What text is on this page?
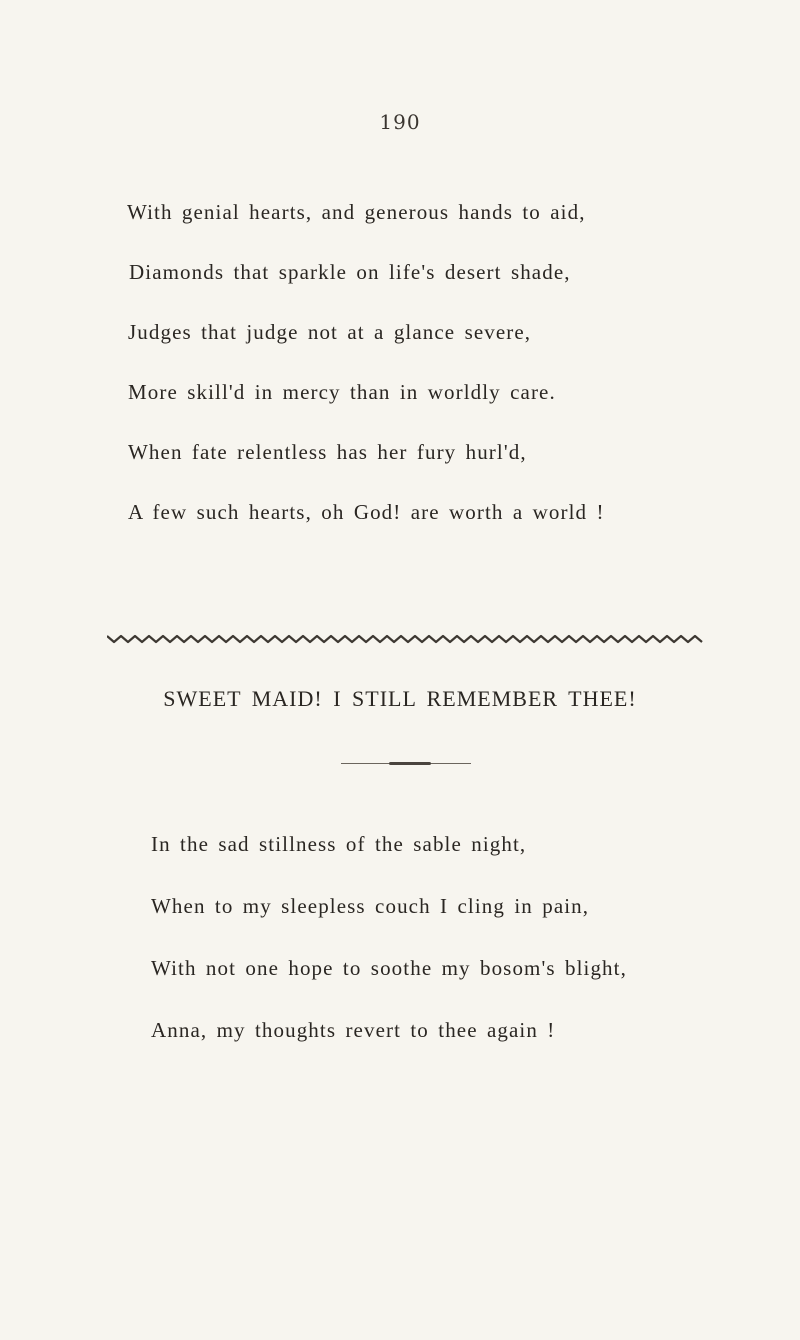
190
With genial hearts, and generous hands to aid,
Diamonds that sparkle on life's desert shade,
Judges that judge not at a glance severe,
More skill'd in mercy than in worldly care.
When fate relentless has her fury hurl'd,
A few such hearts, oh God! are worth a world !
SWEET MAID! I STILL REMEMBER THEE!
In the sad stillness of the sable night,
When to my sleepless couch I cling in pain,
With not one hope to soothe my bosom's blight,
Anna, my thoughts revert to thee again !
